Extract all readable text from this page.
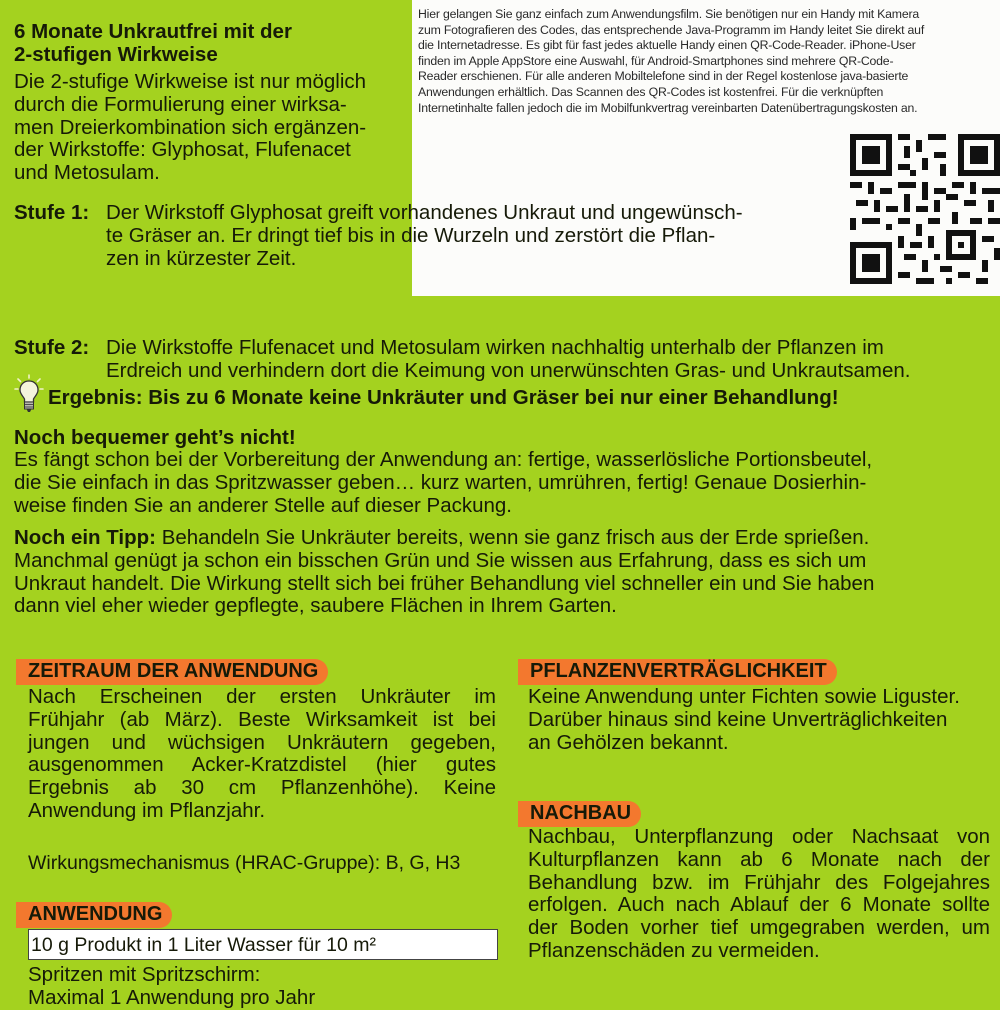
6 Monate Unkrautfrei mit der
2-stufigen Wirkweise
Die 2-stufige Wirkweise ist nur möglich
durch die Formulierung einer wirksa-
men Dreierkombination sich ergänzen-
der Wirkstoffe: Glyphosat, Flufenacet
und Metosulam.
Hier gelangen Sie ganz einfach zum Anwendungsfilm. Sie benötigen nur ein Handy mit Kamera
zum Fotografieren des Codes, das entsprechende Java-Programm im Handy leitet Sie direkt auf
die Internetadresse. Es gibt für fast jedes aktuelle Handy einen QR-Code-Reader. iPhone-User
finden im Apple AppStore eine Auswahl, für Android-Smartphones sind mehrere QR-Code-
Reader erschienen. Für alle anderen Mobiltelefone sind in der Regel kostenlose java-basierte
Anwendungen erhältlich. Das Scannen des QR-Codes ist kostenfrei. Für die verknüpften
Internetinhalte fallen jedoch die im Mobilfunkvertrag vereinbarten Datenübertragungskosten an.
Stufe 1: Der Wirkstoff Glyphosat greift vorhandenes Unkraut und ungewünsch-
te Gräser an. Er dringt tief bis in die Wurzeln und zerstört die Pflan-
zen in kürzester Zeit.
Stufe 2: Die Wirkstoffe Flufenacet und Metosulam wirken nachhaltig unterhalb der Pflanzen im
Erdreich und verhindern dort die Keimung von unerwünschten Gras- und Unkrautsamen.
Ergebnis: Bis zu 6 Monate keine Unkräuter und Gräser bei nur einer Behandlung!
Noch bequemer geht’s nicht!
Es fängt schon bei der Vorbereitung der Anwendung an: fertige, wasserlösliche Portionsbeutel,
die Sie einfach in das Spritzwasser geben… kurz warten, umrühren, fertig! Genaue Dosierhin-
weise finden Sie an anderer Stelle auf dieser Packung.
Noch ein Tipp: Behandeln Sie Unkräuter bereits, wenn sie ganz frisch aus der Erde sprießen.
Manchmal genügt ja schon ein bisschen Grün und Sie wissen aus Erfahrung, dass es sich um
Unkraut handelt. Die Wirkung stellt sich bei früher Behandlung viel schneller ein und Sie haben
dann viel eher wieder gepflegte, saubere Flächen in Ihrem Garten.
ZEITRAUM DER ANWENDUNG
Nach Erscheinen der ersten Unkräuter im
Frühjahr (ab März). Beste Wirksamkeit ist bei
jungen und wüchsigen Unkräutern gegeben,
ausgenommen Acker-Kratzdistel (hier gutes
Ergebnis ab 30 cm Pflanzenhöhe). Keine
Anwendung im Pflanzjahr.
Wirkungsmechanismus (HRAC-Gruppe): B, G, H3
ANWENDUNG
10 g Produkt in 1 Liter Wasser für 10 m²
Spritzen mit Spritzschirm:
Maximal 1 Anwendung pro Jahr
PFLANZENVERTRÄGLICHKEIT
Keine Anwendung unter Fichten sowie Liguster.
Darüber hinaus sind keine Unverträglichkeiten
an Gehölzen bekannt.
NACHBAU
Nachbau, Unterpflanzung oder Nachsaat von
Kulturpflanzen kann ab 6 Monate nach der
Behandlung bzw. im Frühjahr des Folgejahres
erfolgen. Auch nach Ablauf der 6 Monate sollte
der Boden vorher tief umgegraben werden, um
Pflanzenschäden zu vermeiden.
